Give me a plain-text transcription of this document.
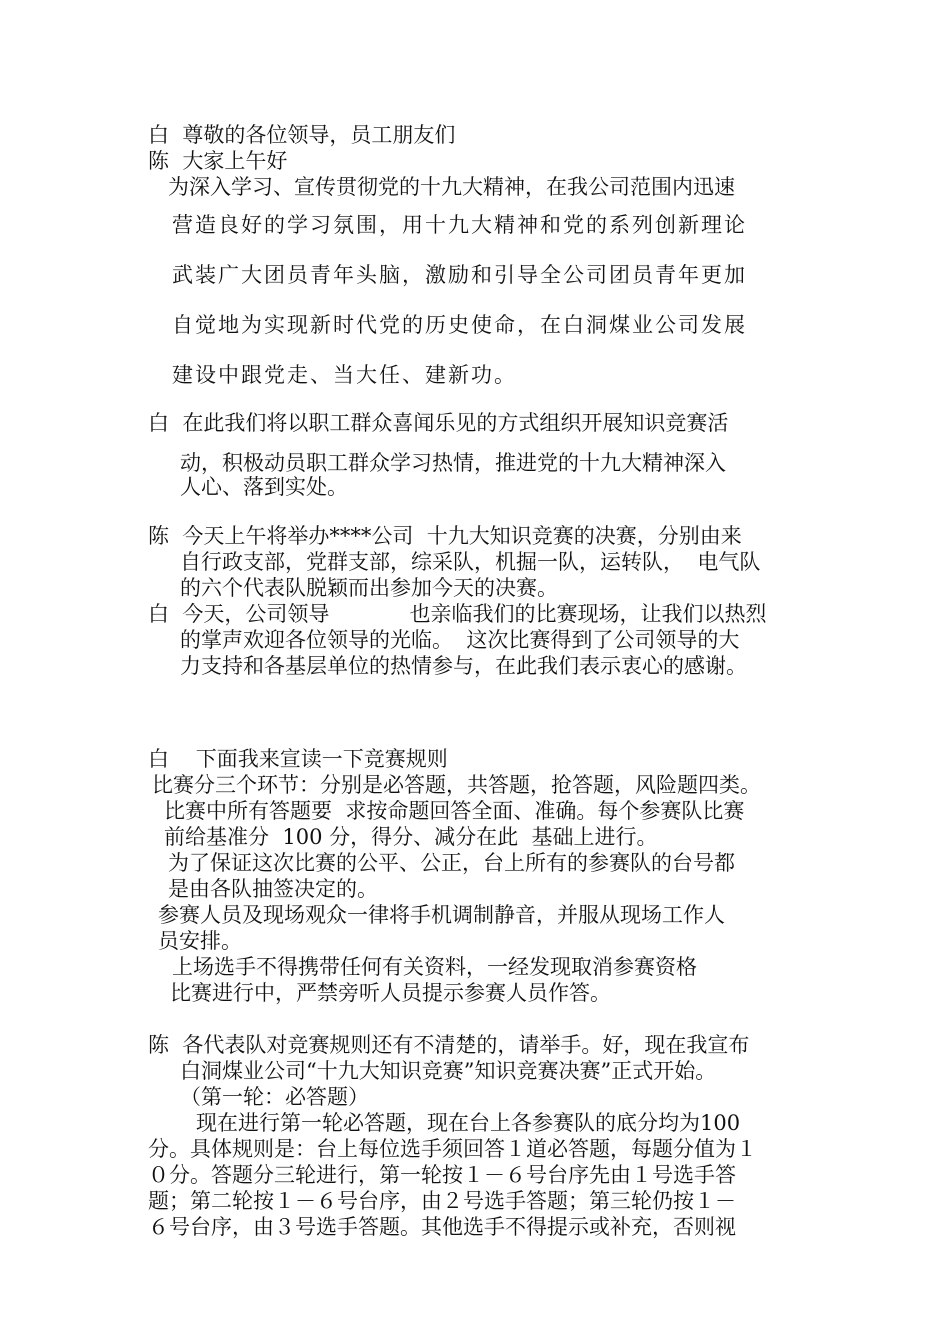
白  尊敬的各位领导，员工朋友们
陈  大家上午好
为深入学习、宣传贯彻党的十九大精神，在我公司范围内迅速
营造良好的学习氛围，用十九大精神和党的系列创新理论
武装广大团员青年头脑，激励和引导全公司团员青年更加
自觉地为实现新时代党的历史使命，在白洞煤业公司发展
建设中跟党走、当大任、建新功。
白  在此我们将以职工群众喜闻乐见的方式组织开展知识竞赛活
动，积极动员职工群众学习热情，推进党的十九大精神深入
人心、落到实处。
陈  今天上午将举办****公司  十九大知识竞赛的决赛，分别由来
自行政支部，党群支部，综采队，机掘一队，运转队，  电气队
的六个代表队脱颖而出参加今天的决赛。
白  今天，公司领导            也亲临我们的比赛现场，让我们以热烈
的掌声欢迎各位领导的光临。  这次比赛得到了公司领导的大
力支持和各基层单位的热情参与，在此我们表示衷心的感谢。
白    下面我来宣读一下竞赛规则
比赛分三个环节：分别是必答题，共答题，抢答题，风险题四类。
比赛中所有答题要  求按命题回答全面、准确。每个参赛队比赛
前给基准分  100 分，得分、减分在此  基础上进行。
为了保证这次比赛的公平、公正，台上所有的参赛队的台号都
是由各队抽签决定的。
参赛人员及现场观众一律将手机调制静音，并服从现场工作人
员安排。
上场选手不得携带任何有关资料，一经发现取消参赛资格
比赛进行中，严禁旁听人员提示参赛人员作答。
陈  各代表队对竞赛规则还有不清楚的，请举手。好，现在我宣布
白洞煤业公司“十九大知识竞赛”知识竞赛决赛”正式开始。
（第一轮：必答题）
现在进行第一轮必答题，现在台上各参赛队的底分均为100
分。具体规则是：台上每位选手须回答１道必答题，每题分值为１
０分。答题分三轮进行，第一轮按１－６号台序先由１号选手答
题；第二轮按１－６号台序，由２号选手答题；第三轮仍按１－
６号台序，由３号选手答题。其他选手不得提示或补充，否则视
